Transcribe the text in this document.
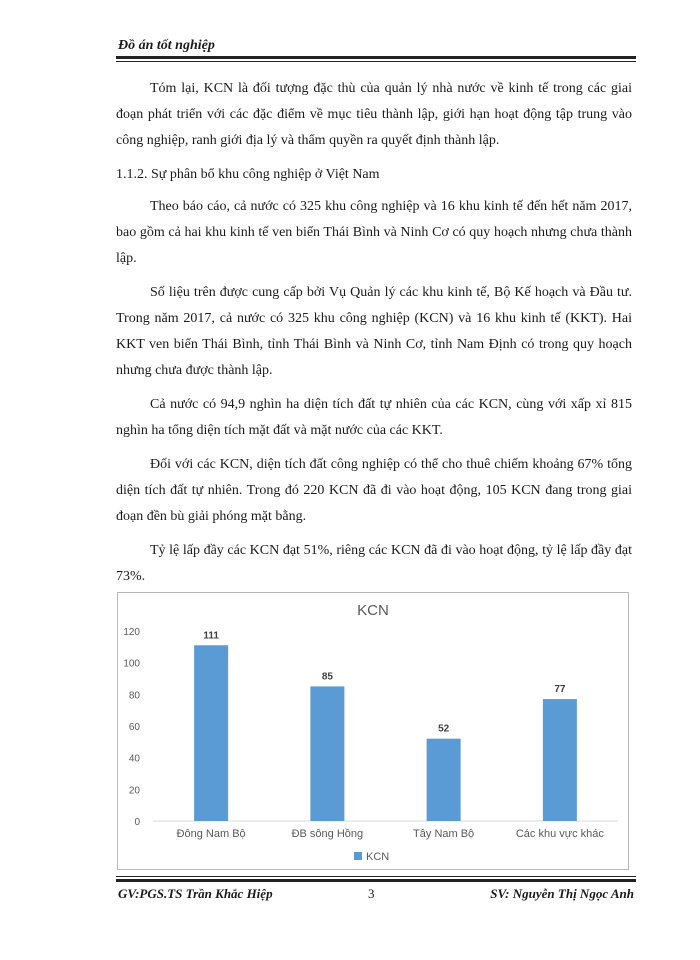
Đồ án tốt nghiệp

Tóm lại, KCN là đối tượng đặc thù của quản lý nhà nước về kinh tế trong các giai đoạn phát triển với các đặc điểm về mục tiêu thành lập, giới hạn hoạt động tập trung vào công nghiệp, ranh giới địa lý và thẩm quyền ra quyết định thành lập.

1.1.2. Sự phân bổ khu công nghiệp ở Việt Nam

Theo báo cáo, cả nước có 325 khu công nghiệp và 16 khu kinh tế đến hết năm 2017, bao gồm cả hai khu kinh tế ven biển Thái Bình và Ninh Cơ có quy hoạch nhưng chưa thành lập.

Số liệu trên được cung cấp bởi Vụ Quản lý các khu kinh tế, Bộ Kế hoạch và Đầu tư. Trong năm 2017, cả nước có 325 khu công nghiệp (KCN) và 16 khu kinh tế (KKT). Hai KKT ven biển Thái Bình, tỉnh Thái Bình và Ninh Cơ, tỉnh Nam Định có trong quy hoạch nhưng chưa được thành lập.

Cả nước có 94,9 nghìn ha diện tích đất tự nhiên của các KCN, cùng với xấp xỉ 815 nghìn ha tổng diện tích mặt đất và mặt nước của các KKT.

Đối với các KCN, diện tích đất công nghiệp có thể cho thuê chiếm khoảng 67% tổng diện tích đất tự nhiên. Trong đó 220 KCN đã đi vào hoạt động, 105 KCN đang trong giai đoạn đền bù giải phóng mặt bằng.

Tỷ lệ lấp đầy các KCN đạt 51%, riêng các KCN đã đi vào hoạt động, tỷ lệ lấp đầy đạt 73%.

KCN
0
20
40
60
80
100
120	111
85
52
77
Đông Nam Bộ	ĐB sông Hồng	Tây Nam Bộ	Các khu vực khác
KCN
GV:PGS.TS Trần Khắc Hiệp	3	SV: Nguyễn Thị Ngọc Anh
